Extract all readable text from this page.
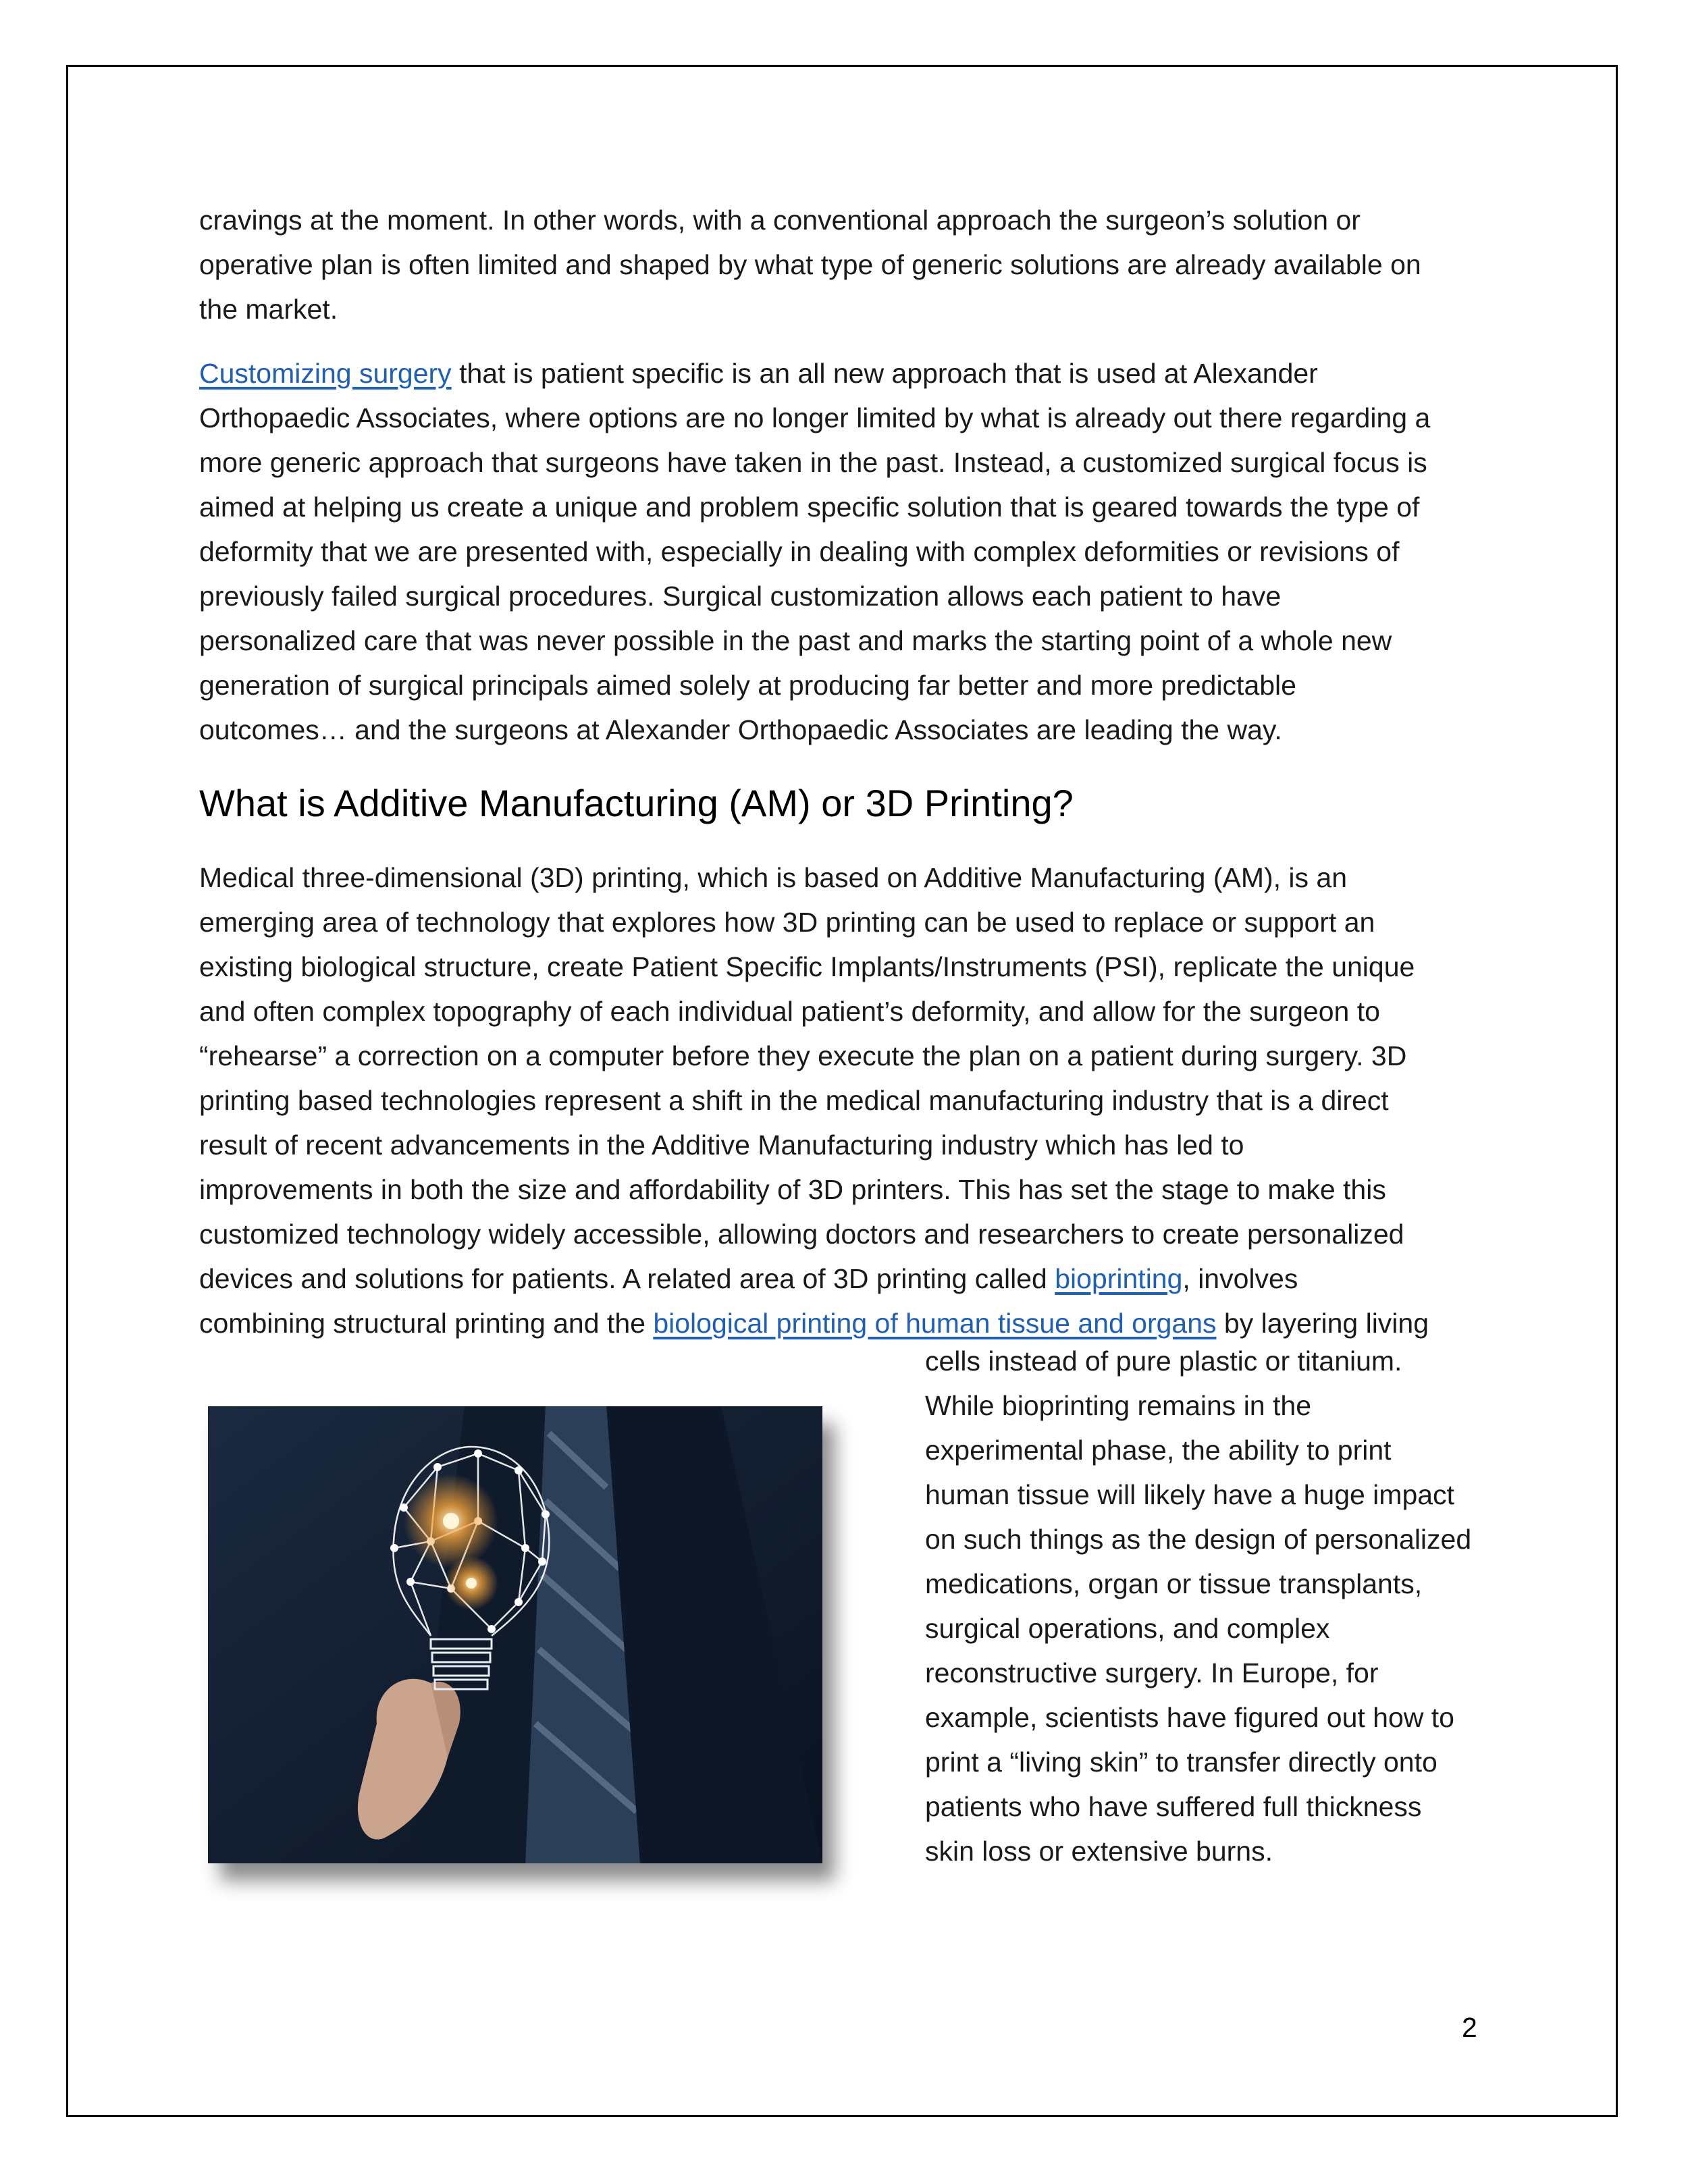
cravings at the moment. In other words, with a conventional approach the surgeon’s solution or
operative plan is often limited and shaped by what type of generic solutions are already available on
the market.

Customizing surgery that is patient specific is an all new approach that is used at Alexander
Orthopaedic Associates, where options are no longer limited by what is already out there regarding a
more generic approach that surgeons have taken in the past. Instead, a customized surgical focus is
aimed at helping us create a unique and problem specific solution that is geared towards the type of
deformity that we are presented with, especially in dealing with complex deformities or revisions of
previously failed surgical procedures. Surgical customization allows each patient to have
personalized care that was never possible in the past and marks the starting point of a whole new
generation of surgical principals aimed solely at producing far better and more predictable
outcomes… and the surgeons at Alexander Orthopaedic Associates are leading the way.

What is Additive Manufacturing (AM) or 3D Printing?

Medical three-dimensional (3D) printing, which is based on Additive Manufacturing (AM), is an
emerging area of technology that explores how 3D printing can be used to replace or support an
existing biological structure, create Patient Specific Implants/Instruments (PSI), replicate the unique
and often complex topography of each individual patient’s deformity, and allow for the surgeon to
“rehearse” a correction on a computer before they execute the plan on a patient during surgery. 3D
printing based technologies represent a shift in the medical manufacturing industry that is a direct
result of recent advancements in the Additive Manufacturing industry which has led to
improvements in both the size and affordability of 3D printers. This has set the stage to make this
customized technology widely accessible, allowing doctors and researchers to create personalized
devices and solutions for patients. A related area of 3D printing called bioprinting, involves
combining structural printing and the biological printing of human tissue and organs by layering living

cells instead of pure plastic or titanium.
While bioprinting remains in the
experimental phase, the ability to print
human tissue will likely have a huge impact
on such things as the design of personalized
medications, organ or tissue transplants,
surgical operations, and complex
reconstructive surgery. In Europe, for
example, scientists have figured out how to
print a “living skin” to transfer directly onto
patients who have suffered full thickness
skin loss or extensive burns.

2
